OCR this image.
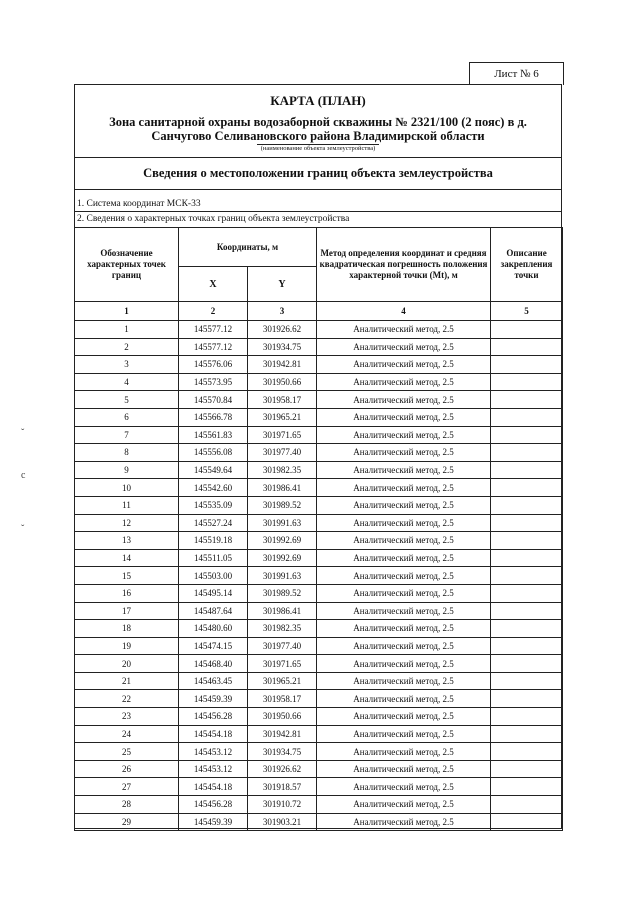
Лист № 6
КАРТА (ПЛАН)
Зона санитарной охраны водозаборной скважины № 2321/100 (2 пояс) в д. Санчугово Селивановского района Владимирской области
(наименование объекта землеустройства)
Сведения о местоположении границ объекта землеустройства
1. Система координат МСК-33
2. Сведения о характерных точках границ объекта землеустройства
Обозначение характерных точек границ	Координаты, м		Метод определения координат и средняя квадратическая погрешность положения характерной точки (Mt), м	Описание закрепления точки
	X	Y		
1	2	3	4	5
1	145577.12	301926.62	Аналитический метод, 2.5	
2	145577.12	301934.75	Аналитический метод, 2.5	
3	145576.06	301942.81	Аналитический метод, 2.5	
4	145573.95	301950.66	Аналитический метод, 2.5	
5	145570.84	301958.17	Аналитический метод, 2.5	
6	145566.78	301965.21	Аналитический метод, 2.5	
7	145561.83	301971.65	Аналитический метод, 2.5	
8	145556.08	301977.40	Аналитический метод, 2.5	
9	145549.64	301982.35	Аналитический метод, 2.5	
10	145542.60	301986.41	Аналитический метод, 2.5	
11	145535.09	301989.52	Аналитический метод, 2.5	
12	145527.24	301991.63	Аналитический метод, 2.5	
13	145519.18	301992.69	Аналитический метод, 2.5	
14	145511.05	301992.69	Аналитический метод, 2.5	
15	145503.00	301991.63	Аналитический метод, 2.5	
16	145495.14	301989.52	Аналитический метод, 2.5	
17	145487.64	301986.41	Аналитический метод, 2.5	
18	145480.60	301982.35	Аналитический метод, 2.5	
19	145474.15	301977.40	Аналитический метод, 2.5	
20	145468.40	301971.65	Аналитический метод, 2.5	
21	145463.45	301965.21	Аналитический метод, 2.5	
22	145459.39	301958.17	Аналитический метод, 2.5	
23	145456.28	301950.66	Аналитический метод, 2.5	
24	145454.18	301942.81	Аналитический метод, 2.5	
25	145453.12	301934.75	Аналитический метод, 2.5	
26	145453.12	301926.62	Аналитический метод, 2.5	
27	145454.18	301918.57	Аналитический метод, 2.5	
28	145456.28	301910.72	Аналитический метод, 2.5	
29	145459.39	301903.21	Аналитический метод, 2.5	
ˇ
c
ˇ
